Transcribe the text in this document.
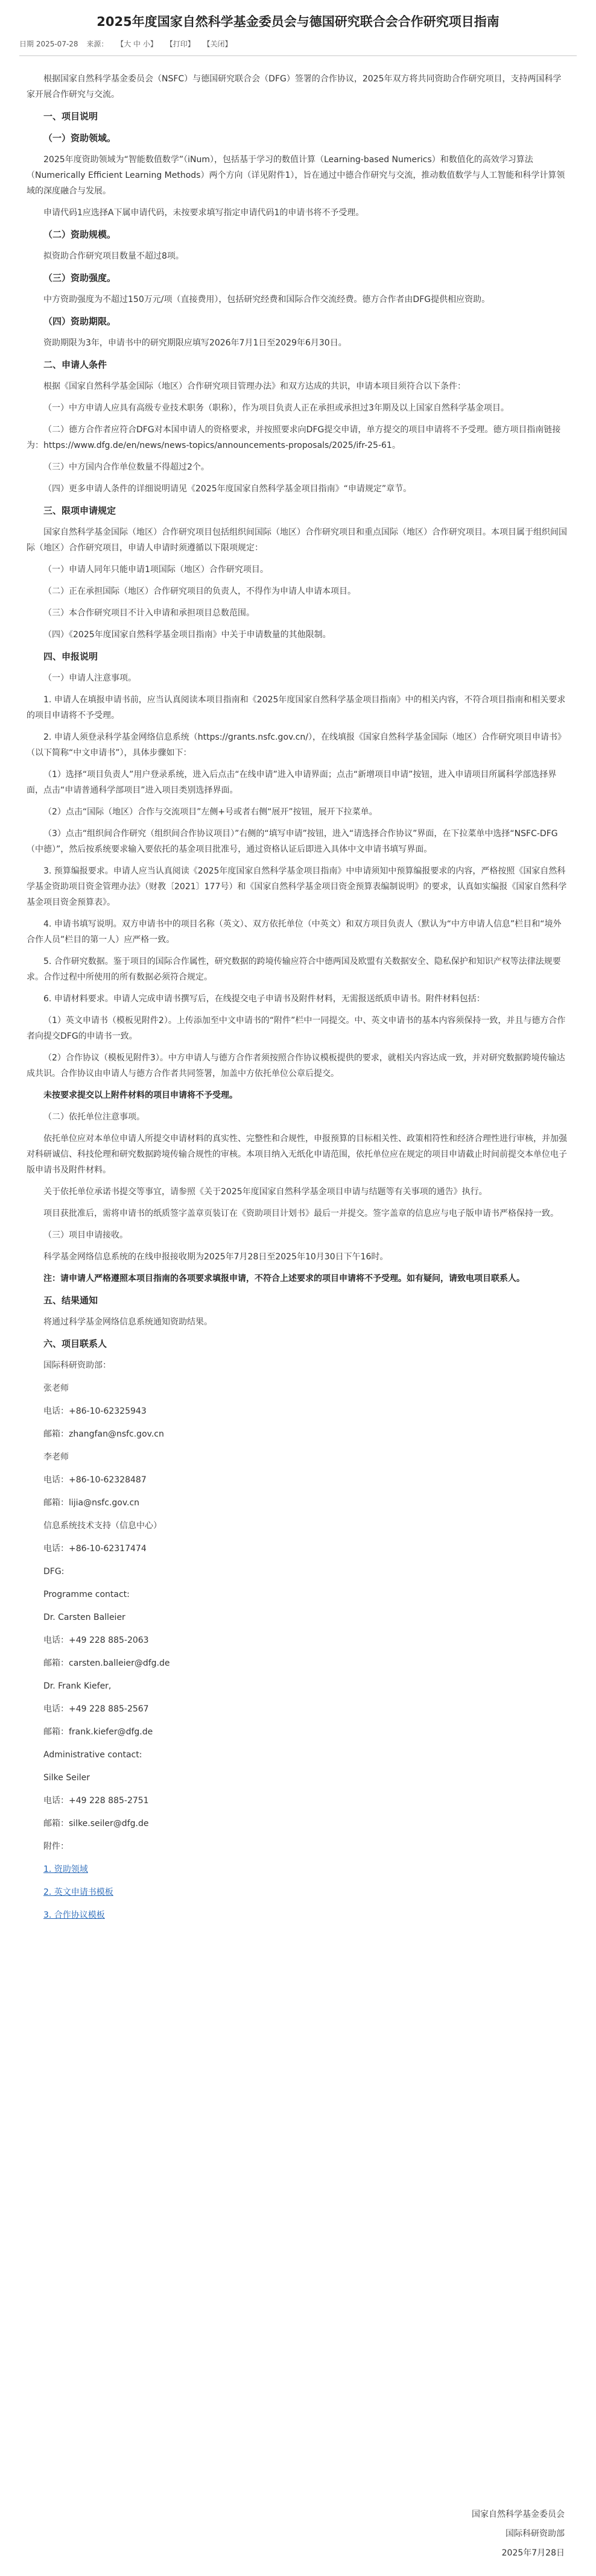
2025年度国家自然科学基金委员会与德国研究联合会合作研究项目指南
日期 2025-07-28 来源： 【大 中 小】 【打印】 【关闭】

根据国家自然科学基金委员会（NSFC）与德国研究联合会（DFG）签署的合作协议，2025年双方将共同资助合作研究项目，支持两国科学家开展合作研究与交流。

一、项目说明
（一）资助领域。

2025年度资助领域为“智能数值数学”（iNum），包括基于学习的数值计算（Learning-based Numerics）和数值化的高效学习算法（Numerically Efficient Learning Methods）两个方向（详见附件1），旨在通过中德合作研究与交流，推动数值数学与人工智能和科学计算领域的深度融合与发展。

申请代码1应选择A下属申请代码，未按要求填写指定申请代码1的申请书将不予受理。

（二）资助规模。

拟资助合作研究项目数量不超过8项。

（三）资助强度。

中方资助强度为不超过150万元/项（直接费用），包括研究经费和国际合作交流经费。德方合作者由DFG提供相应资助。

（四）资助期限。

资助期限为3年，申请书中的研究期限应填写2026年7月1日至2029年6月30日。

二、申请人条件

根据《国家自然科学基金国际（地区）合作研究项目管理办法》和双方达成的共识，申请本项目须符合以下条件：

（一）中方申请人应具有高级专业技术职务（职称），作为项目负责人正在承担或承担过3年期及以上国家自然科学基金项目。

（二）德方合作者应符合DFG对本国申请人的资格要求，并按照要求向DFG提交申请，单方提交的项目申请将不予受理。德方项目指南链接为：https://www.dfg.de/en/news/news-topics/announcements-proposals/2025/ifr-25-61。

（三）中方国内合作单位数量不得超过2个。

（四）更多申请人条件的详细说明请见《2025年度国家自然科学基金项目指南》“申请规定”章节。

三、限项申请规定

国家自然科学基金国际（地区）合作研究项目包括组织间国际（地区）合作研究项目和重点国际（地区）合作研究项目。本项目属于组织间国际（地区）合作研究项目，申请人申请时须遵循以下限项规定：

（一）申请人同年只能申请1项国际（地区）合作研究项目。

（二）正在承担国际（地区）合作研究项目的负责人，不得作为申请人申请本项目。

（三）本合作研究项目不计入申请和承担项目总数范围。

（四）《2025年度国家自然科学基金项目指南》中关于申请数量的其他限制。

四、申报说明

（一）申请人注意事项。

1. 申请人在填报申请书前，应当认真阅读本项目指南和《2025年度国家自然科学基金项目指南》中的相关内容，不符合项目指南和相关要求的项目申请将不予受理。

2. 申请人须登录科学基金网络信息系统（https://grants.nsfc.gov.cn/），在线填报《国家自然科学基金国际（地区）合作研究项目申请书》（以下简称“中文申请书”），具体步骤如下：

（1）选择“项目负责人”用户登录系统，进入后点击“在线申请”进入申请界面；点击“新增项目申请”按钮，进入申请项目所属科学部选择界面，点击“申请普通科学部项目”进入项目类别选择界面。

（2）点击“国际（地区）合作与交流项目”左侧+号或者右侧“展开”按钮，展开下拉菜单。

（3）点击“组织间合作研究（组织间合作协议项目）”右侧的“填写申请”按钮，进入“请选择合作协议”界面，在下拉菜单中选择“NSFC-DFG（中德）”，然后按系统要求输入要依托的基金项目批准号，通过资格认证后即进入具体中文申请书填写界面。

3. 预算编报要求。申请人应当认真阅读《2025年度国家自然科学基金项目指南》中申请须知中预算编报要求的内容，严格按照《国家自然科学基金资助项目资金管理办法》（财教〔2021〕177号）和《国家自然科学基金项目资金预算表编制说明》的要求，认真如实编报《国家自然科学基金项目资金预算表》。

4. 申请书填写说明。双方申请书中的项目名称（英文）、双方依托单位（中英文）和双方项目负责人（默认为“中方申请人信息”栏目和“境外合作人员”栏目的第一人）应严格一致。

5. 合作研究数据。鉴于项目的国际合作属性，研究数据的跨境传输应符合中德两国及欧盟有关数据安全、隐私保护和知识产权等法律法规要求。合作过程中所使用的所有数据必须符合规定。

6. 申请材料要求。申请人完成申请书撰写后，在线提交电子申请书及附件材料，无需报送纸质申请书。附件材料包括：

（1）英文申请书（模板见附件2）。上传添加至中文申请书的“附件”栏中一同提交。中、英文申请书的基本内容须保持一致，并且与德方合作者向提交DFG的申请书一致。

（2）合作协议（模板见附件3）。中方申请人与德方合作者须按照合作协议模板提供的要求，就相关内容达成一致，并对研究数据跨境传输达成共识。合作协议由申请人与德方合作者共同签署，加盖中方依托单位公章后提交。

未按要求提交以上附件材料的项目申请将不予受理。

（二）依托单位注意事项。

依托单位应对本单位申请人所提交申请材料的真实性、完整性和合规性，申报预算的目标相关性、政策相符性和经济合理性进行审核，并加强对科研诚信、科技伦理和研究数据跨境传输合规性的审核。本项目纳入无纸化申请范围，依托单位应在规定的项目申请截止时间前提交本单位电子版申请书及附件材料。

关于依托单位承诺书提交等事宜，请参照《关于2025年度国家自然科学基金项目申请与结题等有关事项的通告》执行。

项目获批准后，需将申请书的纸质签字盖章页装订在《资助项目计划书》最后一并提交。签字盖章的信息应与电子版申请书严格保持一致。

（三）项目申请接收。

科学基金网络信息系统的在线申报接收期为2025年7月28日至2025年10月30日下午16时。

注：请申请人严格遵照本项目指南的各项要求填报申请，不符合上述要求的项目申请将不予受理。如有疑问，请致电项目联系人。

五、结果通知

将通过科学基金网络信息系统通知资助结果。

六、项目联系人
国际科研资助部：
张老师
电话：+86-10-62325943
邮箱：zhangfan@nsfc.gov.cn
李老师
电话：+86-10-62328487
邮箱：lijia@nsfc.gov.cn
信息系统技术支持（信息中心）
电话：+86-10-62317474
DFG:
Programme contact:
Dr. Carsten Balleier
电话：+49 228 885-2063
邮箱：carsten.balleier@dfg.de
Dr. Frank Kiefer,
电话：+49 228 885-2567
邮箱：frank.kiefer@dfg.de
Administrative contact:
Silke Seiler
电话：+49 228 885-2751
邮箱：silke.seiler@dfg.de
附件：
1. 资助领域
2. 英文申请书模板
3. 合作协议模板
国家自然科学基金委员会
国际科研资助部
2025年7月28日
